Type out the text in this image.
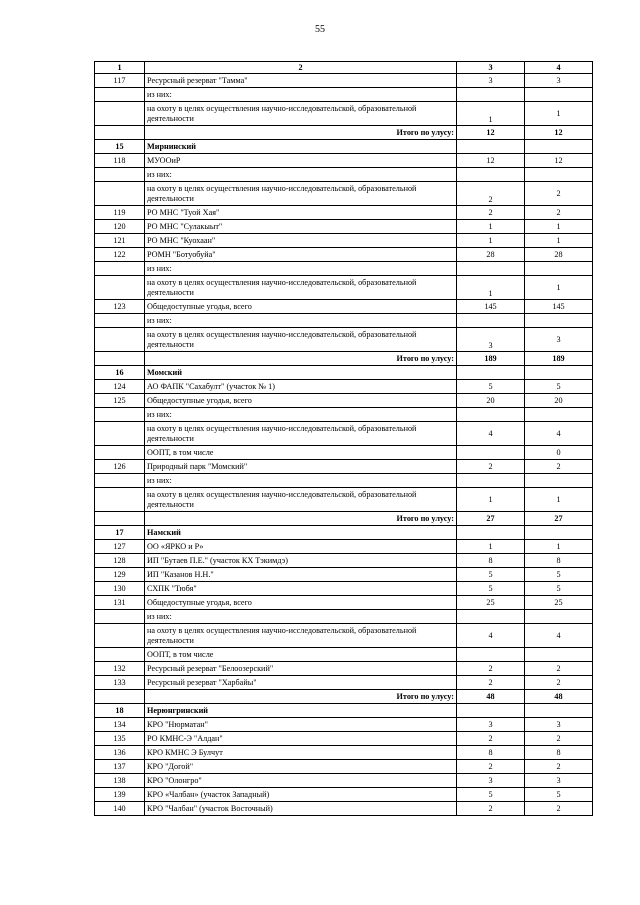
55
1	2	3	4
117	Ресурсный резерват "Тамма"	3	3
	из них:		
	на охоту в целях осуществления научно-исследовательской, образовательной деятельности	1	1
	Итого по улусу:	12	12
15	Мирнинский		
118	МУООиР	12	12
	из них:		
	на охоту в целях осуществления научно-исследовательской, образовательной деятельности	2	2
119	РО МНС "Туой Хая"	2	2
120	РО МНС "Сулакыыт"	1	1
121	РО МНС "Куохаан"	1	1
122	РОМН "Ботуобуйа"	28	28
	из них:		
	на охоту в целях осуществления научно-исследовательской, образовательной деятельности	1	1
123	Общедоступные угодья, всего	145	145
	из них:		
	на охоту в целях осуществления научно-исследовательской, образовательной деятельности	3	3
	Итого по улусу:	189	189
16	Момский		
124	АО ФАПК "Сахабулт" (участок № 1)	5	5
125	Общедоступные угодья, всего	20	20
	из них:		
	на охоту в целях осуществления научно-исследовательской, образовательной деятельности	4	4
	ООПТ, в том числе		0
126	Природный парк "Момский"	2	2
	из них:		
	на охоту в целях осуществления научно-исследовательской, образовательной деятельности	1	1
	Итого по улусу:	27	27
17	Намский		
127	ОО «ЯРКО и Р»	1	1
128	ИП "Бутаев П.Е." (участок КХ Тэкимдэ)	8	8
129	ИП "Казанов Н.Н."	5	5
130	СХПК "Тюбя"	5	5
131	Общедоступные угодья, всего	25	25
	из них:		
	на охоту в целях осуществления научно-исследовательской, образовательной деятельности	4	4
	ООПТ, в том числе		
132	Ресурсный резерват "Белоозерский"	2	2
133	Ресурсный резерват "Харбайы"	2	2
	Итого по улусу:	48	48
18	Нерюнгринский		
134	КРО "Нюрматан"	3	3
135	РО КМНС-Э "Алдан"	2	2
136	КРО КМНС Э Булчут	8	8
137	КРО "Догой"	2	2
138	КРО "Олонгро"	3	3
139	КРО «Чалбан» (участок Западный)	5	5
140	КРО "Чалбан" (участок Восточный)	2	2
